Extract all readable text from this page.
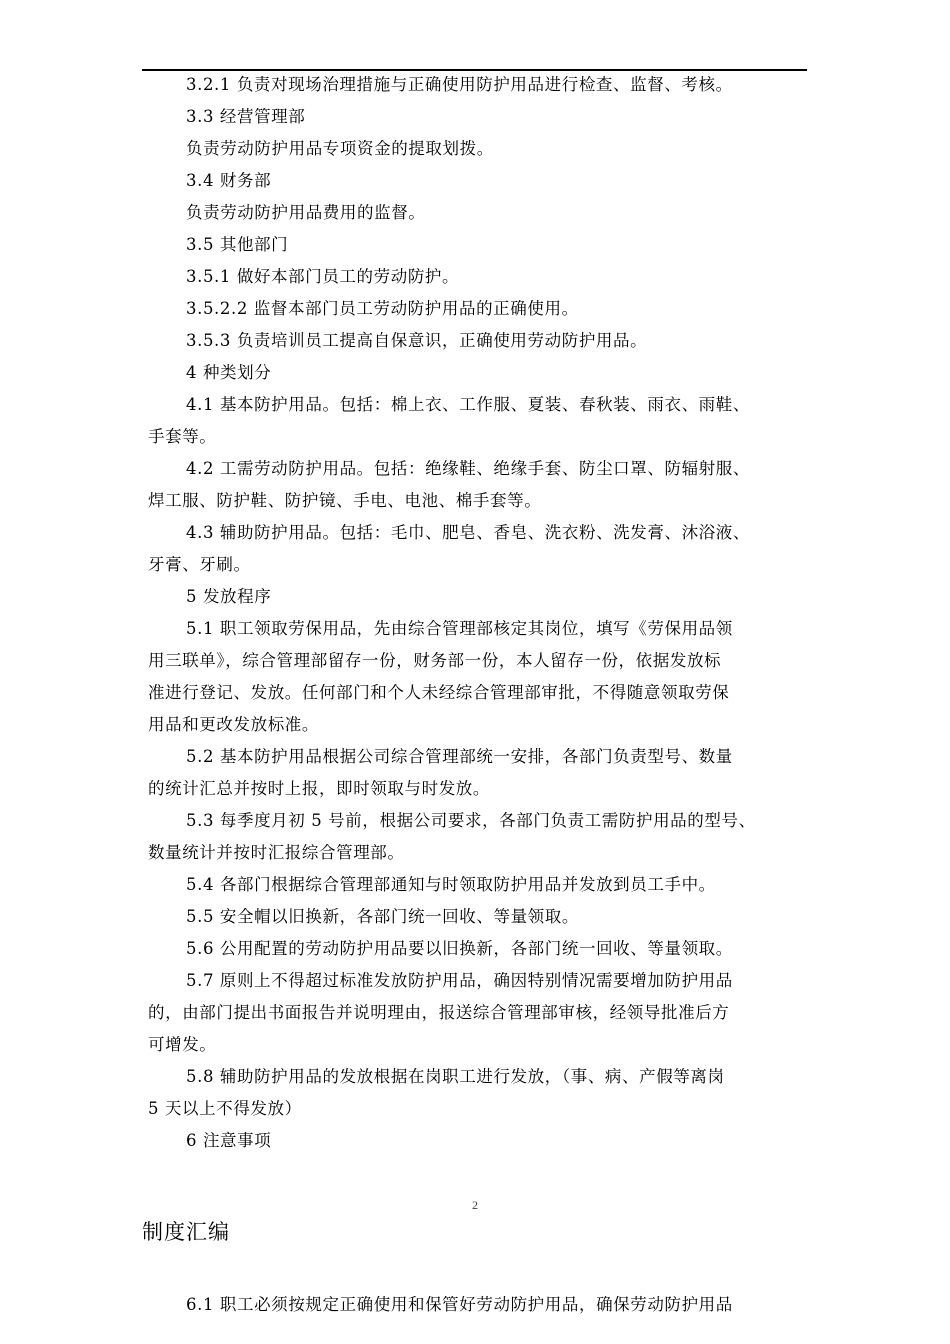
3.2.1 负责对现场治理措施与正确使用防护用品进行检查、监督、考核。
3.3 经营管理部
负责劳动防护用品专项资金的提取划拨。
3.4 财务部
负责劳动防护用品费用的监督。
3.5 其他部门
3.5.1 做好本部门员工的劳动防护。
3.5.2.2 监督本部门员工劳动防护用品的正确使用。
3.5.3 负责培训员工提高自保意识，正确使用劳动防护用品。
4 种类划分
4.1 基本防护用品。包括：棉上衣、工作服、夏装、春秋装、雨衣、雨鞋、
手套等。
4.2 工需劳动防护用品。包括：绝缘鞋、绝缘手套、防尘口罩、防辐射服、
焊工服、防护鞋、防护镜、手电、电池、棉手套等。
4.3 辅助防护用品。包括：毛巾、肥皂、香皂、洗衣粉、洗发膏、沐浴液、
牙膏、牙刷。
5 发放程序
5.1 职工领取劳保用品，先由综合管理部核定其岗位，填写《劳保用品领
用三联单》，综合管理部留存一份，财务部一份，本人留存一份，依据发放标
准进行登记、发放。任何部门和个人未经综合管理部审批，不得随意领取劳保
用品和更改发放标准。
5.2 基本防护用品根据公司综合管理部统一安排，各部门负责型号、数量
的统计汇总并按时上报，即时领取与时发放。
5.3 每季度月初 5 号前，根据公司要求，各部门负责工需防护用品的型号、
数量统计并按时汇报综合管理部。
5.4 各部门根据综合管理部通知与时领取防护用品并发放到员工手中。
5.5 安全帽以旧换新，各部门统一回收、等量领取。
5.6 公用配置的劳动防护用品要以旧换新，各部门统一回收、等量领取。
5.7 原则上不得超过标准发放防护用品，确因特别情况需要增加防护用品
的，由部门提出书面报告并说明理由，报送综合管理部审核，经领导批准后方
可增发。
5.8 辅助防护用品的发放根据在岗职工进行发放，（事、病、产假等离岗
5 天以上不得发放）
6 注意事项
2
制度汇编
6.1 职工必须按规定正确使用和保管好劳动防护用品，确保劳动防护用品
